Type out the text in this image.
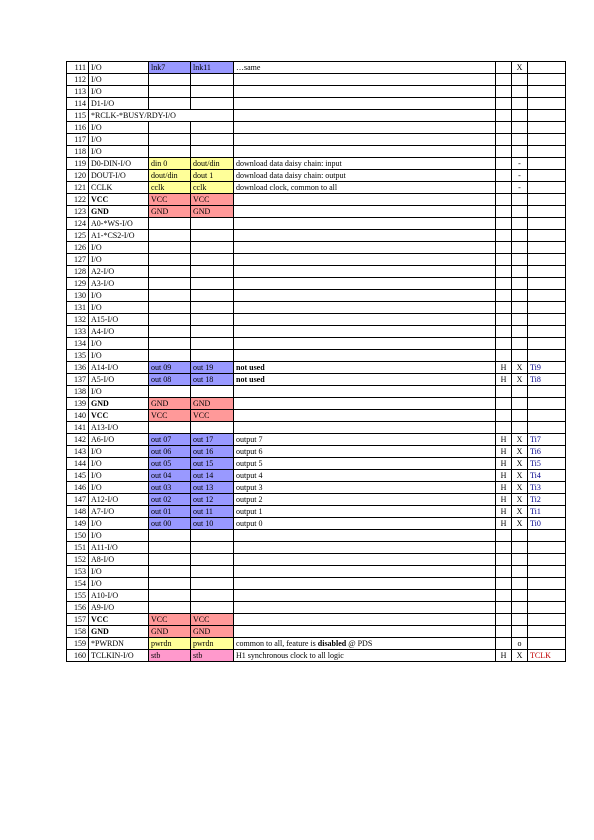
111	I/O	lnk7	lnk11	…same		X	
112	I/O						
113	I/O						
114	D1-I/O						
115	*RCLK-*BUSY/RDY-I/O						
116	I/O						
117	I/O						
118	I/O						
119	D0-DIN-I/O	din 0	dout/din	download data daisy chain: input		-	
120	DOUT-I/O	dout/din	dout 1	download data daisy chain: output		-	
121	CCLK	cclk	cclk	download clock, common to all		-	
122	VCC	VCC	VCC				
123	GND	GND	GND				
124	A0-*WS-I/O						
125	A1-*CS2-I/O						
126	I/O						
127	I/O						
128	A2-I/O						
129	A3-I/O						
130	I/O						
131	I/O						
132	A15-I/O						
133	A4-I/O						
134	I/O						
135	I/O						
136	A14-I/O	out 09	out 19	not used	H	X	Ti9
137	A5-I/O	out 08	out 18	not used	H	X	Ti8
138	I/O						
139	GND	GND	GND				
140	VCC	VCC	VCC				
141	A13-I/O						
142	A6-I/O	out 07	out 17	output 7	H	X	Ti7
143	I/O	out 06	out 16	output 6	H	X	Ti6
144	I/O	out 05	out 15	output 5	H	X	Ti5
145	I/O	out 04	out 14	output 4	H	X	Ti4
146	I/O	out 03	out 13	output 3	H	X	Ti3
147	A12-I/O	out 02	out 12	output 2	H	X	Ti2
148	A7-I/O	out 01	out 11	output 1	H	X	Ti1
149	I/O	out 00	out 10	output 0	H	X	Ti0
150	I/O						
151	A11-I/O						
152	A8-I/O						
153	I/O						
154	I/O						
155	A10-I/O						
156	A9-I/O						
157	VCC	VCC	VCC				
158	GND	GND	GND				
159	*PWRDN	pwrdn	pwrdn	common to all, feature is disabled @ PDS		o	
160	TCLKIN-I/O	stb	stb	H1 synchronous clock to all logic	H	X	TCLK
